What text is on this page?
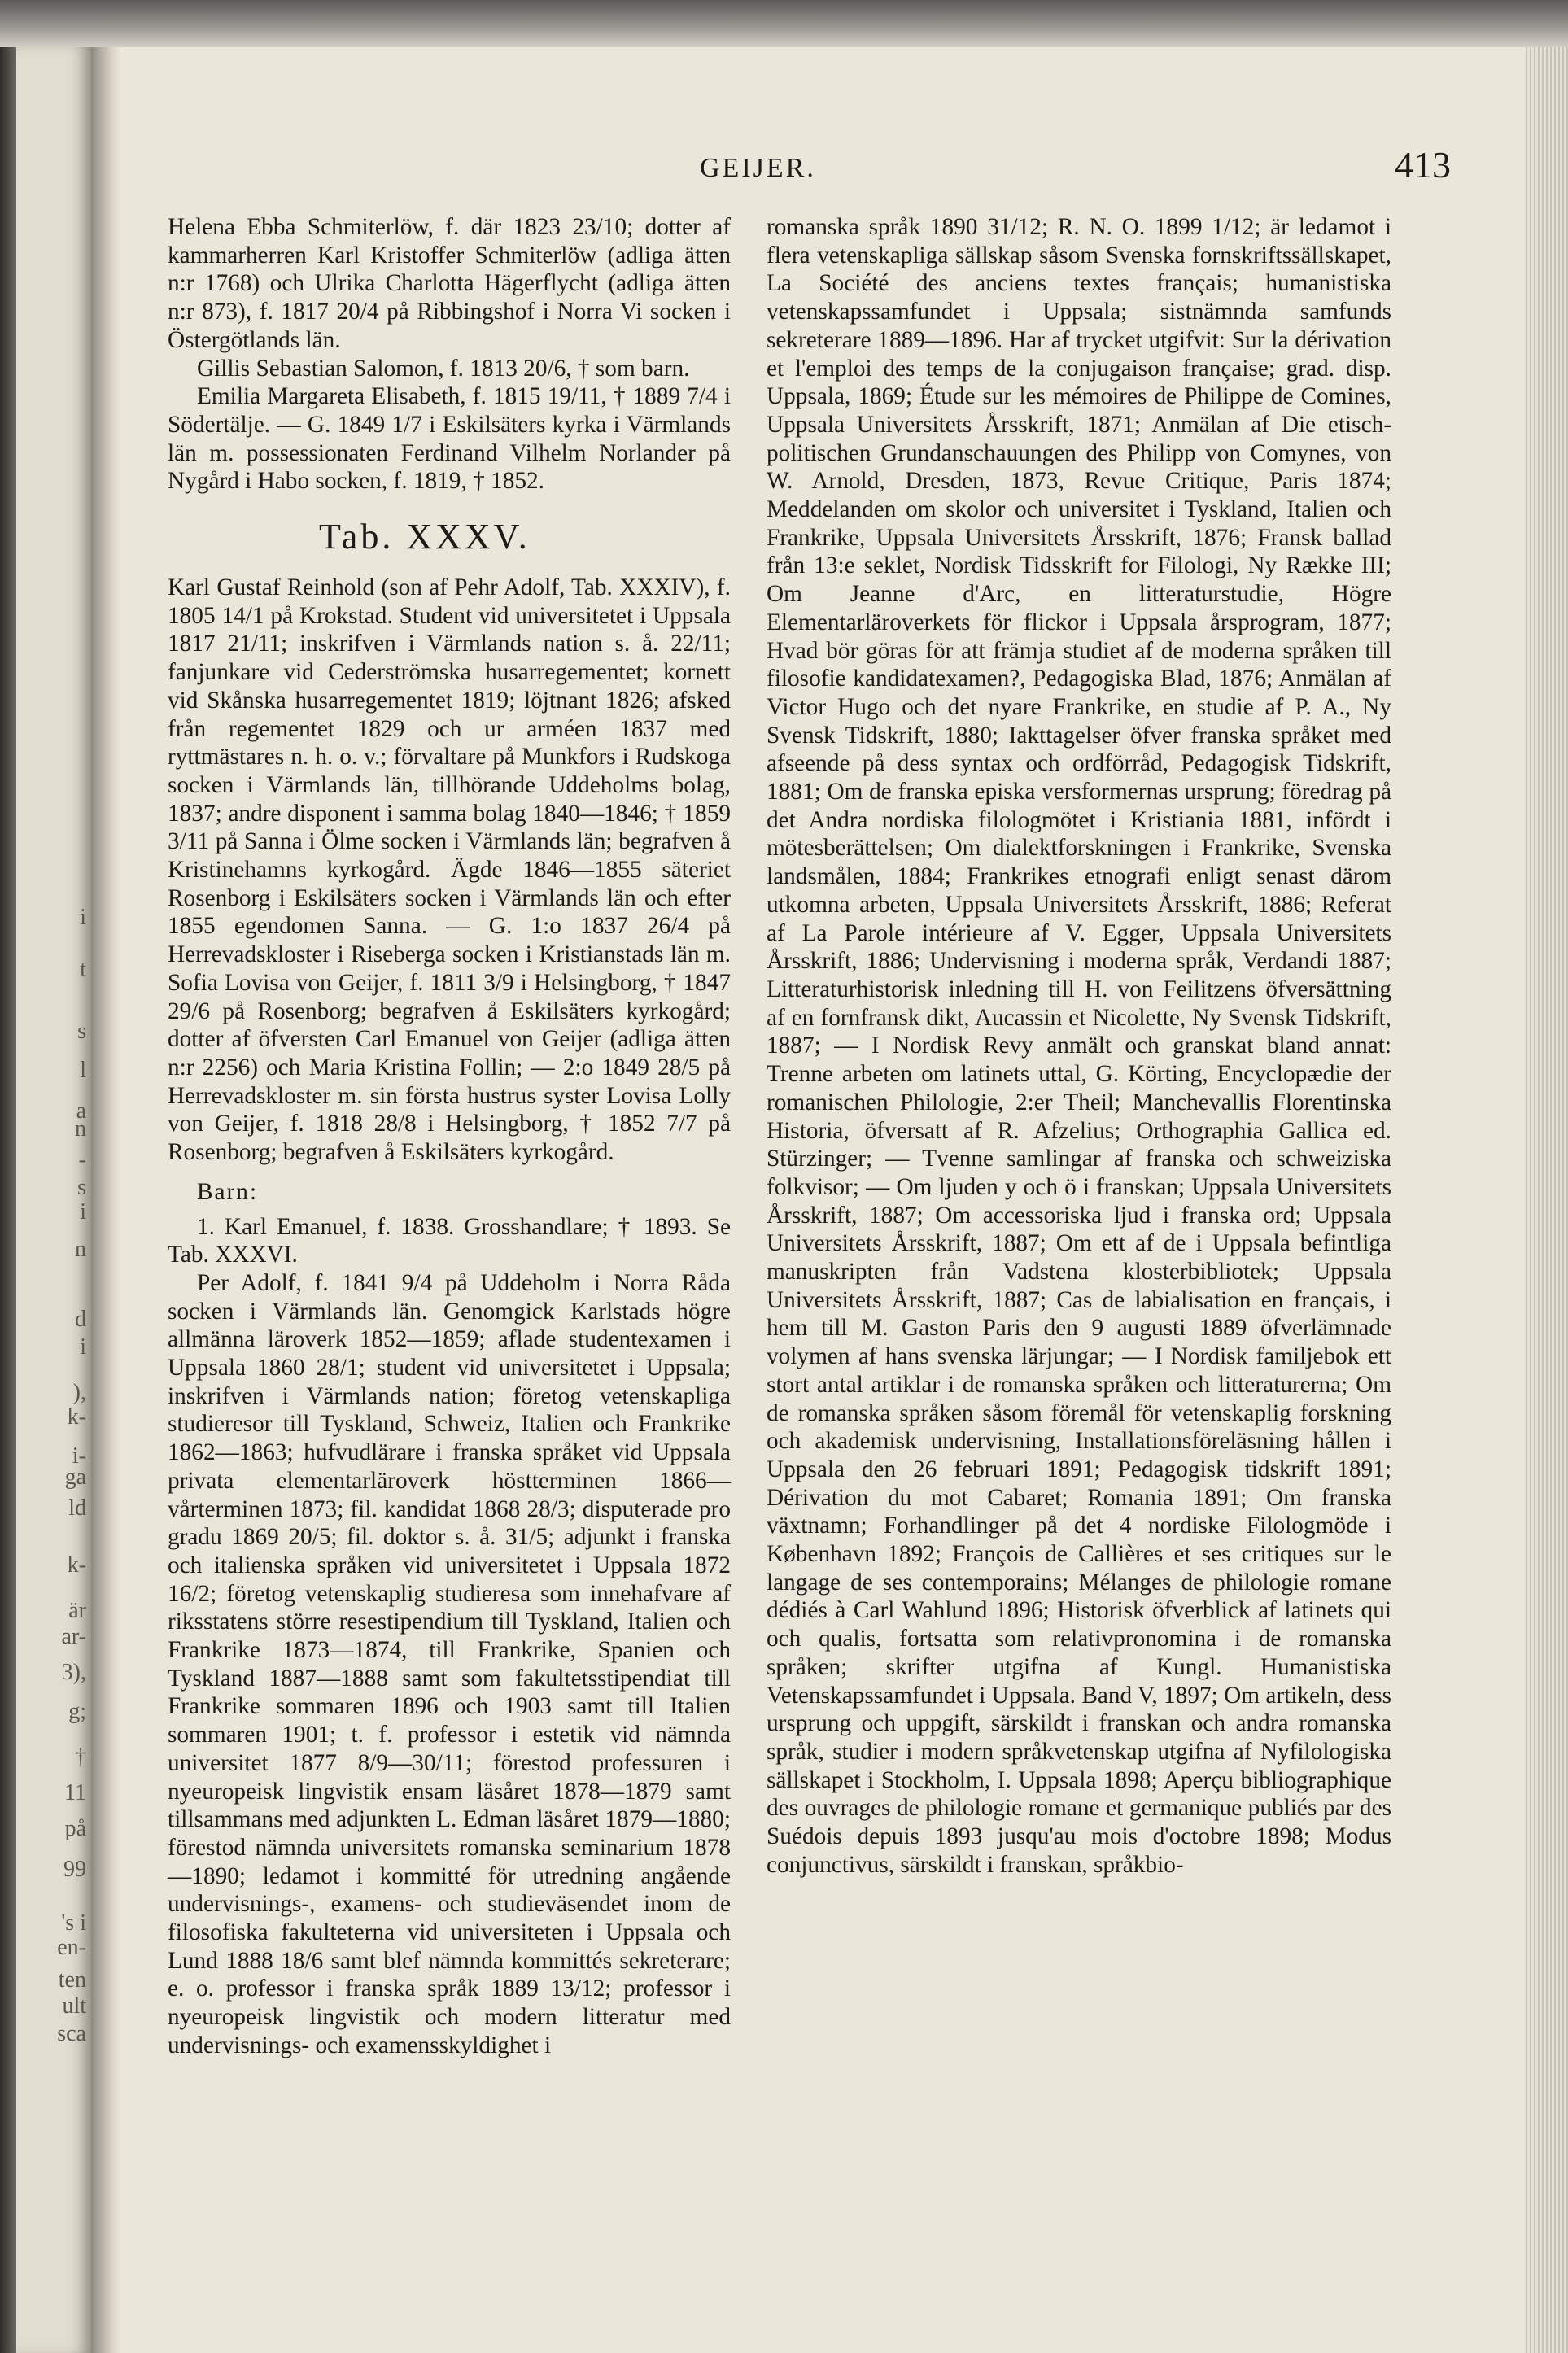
i
t
s
l
a
n
-
s
i
n
d
i
),
k-
i-
ga
ld
k-
är
ar-
3),
g;
†
11
på
99
's i
en-
ten
ult
sca
GEIJER.	413

Helena Ebba Schmiterlöw, f. där 1823 23/10; dotter af kammarherren Karl Kristoffer Schmiterlöw (adliga ätten n:r 1768) och Ulrika Charlotta Hägerflycht (adliga ätten n:r 873), f. 1817 20/4 på Ribbingshof i Norra Vi socken i Östergötlands län.

Gillis Sebastian Salomon, f. 1813 20/6, † som barn.

Emilia Margareta Elisabeth, f. 1815 19/11, † 1889 7/4 i Södertälje. — G. 1849 1/7 i Eskilsäters kyrka i Värmlands län m. possessionaten Ferdinand Vilhelm Norlander på Nygård i Habo socken, f. 1819, † 1852.

Tab. XXXV.

Karl Gustaf Reinhold (son af Pehr Adolf, Tab. XXXIV), f. 1805 14/1 på Krokstad. Student vid universitetet i Uppsala 1817 21/11; inskrifven i Värmlands nation s. å. 22/11; fanjunkare vid Cederströmska husarregementet; kornett vid Skånska husarregementet 1819; löjtnant 1826; afsked från regementet 1829 och ur arméen 1837 med ryttmästares n. h. o. v.; förvaltare på Munkfors i Rudskoga socken i Värmlands län, tillhörande Uddeholms bolag, 1837; andre disponent i samma bolag 1840—1846; † 1859 3/11 på Sanna i Ölme socken i Värmlands län; begrafven å Kristinehamns kyrkogård. Ägde 1846—1855 säteriet Rosenborg i Eskilsäters socken i Värmlands län och efter 1855 egendomen Sanna. — G. 1:o 1837 26/4 på Herrevadskloster i Riseberga socken i Kristianstads län m. Sofia Lovisa von Geijer, f. 1811 3/9 i Helsingborg, † 1847 29/6 på Rosenborg; begrafven å Eskilsäters kyrkogård; dotter af öfversten Carl Emanuel von Geijer (adliga ätten n:r 2256) och Maria Kristina Follin; — 2:o 1849 28/5 på Herrevadskloster m. sin första hustrus syster Lovisa Lolly von Geijer, f. 1818 28/8 i Helsingborg, † 1852 7/7 på Rosenborg; begrafven å Eskilsäters kyrkogård.

Barn:

1. Karl Emanuel, f. 1838. Grosshandlare; † 1893. Se Tab. XXXVI.

Per Adolf, f. 1841 9/4 på Uddeholm i Norra Råda socken i Värmlands län. Genomgick Karlstads högre allmänna läroverk 1852—1859; aflade studentexamen i Uppsala 1860 28/1; student vid universitetet i Uppsala; inskrifven i Värmlands nation; företog vetenskapliga studieresor till Tyskland, Schweiz, Italien och Frankrike 1862—1863; hufvudlärare i franska språket vid Uppsala privata elementarläroverk höstterminen 1866—vårterminen 1873; fil. kandidat 1868 28/3; disputerade pro gradu 1869 20/5; fil. doktor s. å. 31/5; adjunkt i franska och italienska språken vid universitetet i Uppsala 1872 16/2; företog vetenskaplig studieresa som innehafvare af riksstatens större resestipendium till Tyskland, Italien och Frankrike 1873—1874, till Frankrike, Spanien och Tyskland 1887—1888 samt som fakultetsstipendiat till Frankrike sommaren 1896 och 1903 samt till Italien sommaren 1901; t. f. professor i estetik vid nämnda universitet 1877 8/9—30/11; förestod professuren i nyeuropeisk lingvistik ensam läsåret 1878—1879 samt tillsammans med adjunkten L. Edman läsåret 1879—1880; förestod nämnda universitets romanska seminarium 1878—1890; ledamot i kommitté för utredning angående undervisnings-, examens- och studieväsendet inom de filosofiska fakulteterna vid universiteten i Uppsala och Lund 1888 18/6 samt blef nämnda kommittés sekreterare; e. o. professor i franska språk 1889 13/12; professor i nyeuropeisk lingvistik och modern litteratur med undervisnings- och examensskyldighet i

romanska språk 1890 31/12; R. N. O. 1899 1/12; är ledamot i flera vetenskapliga sällskap såsom Svenska fornskriftssällskapet, La Société des anciens textes français; humanistiska vetenskapssamfundet i Uppsala; sistnämnda samfunds sekreterare 1889—1896. Har af trycket utgifvit: Sur la dérivation et l'emploi des temps de la conjugaison française; grad. disp. Uppsala, 1869; Étude sur les mémoires de Philippe de Comines, Uppsala Universitets Årsskrift, 1871; Anmälan af Die etisch-politischen Grundanschauungen des Philipp von Comynes, von W. Arnold, Dresden, 1873, Revue Critique, Paris 1874; Meddelanden om skolor och universitet i Tyskland, Italien och Frankrike, Uppsala Universitets Årsskrift, 1876; Fransk ballad från 13:e seklet, Nordisk Tidsskrift for Filologi, Ny Række III; Om Jeanne d'Arc, en litteraturstudie, Högre Elementarläroverkets för flickor i Uppsala årsprogram, 1877; Hvad bör göras för att främja studiet af de moderna språken till filosofie kandidatexamen?, Pedagogiska Blad, 1876; Anmälan af Victor Hugo och det nyare Frankrike, en studie af P. A., Ny Svensk Tidskrift, 1880; Iakttagelser öfver franska språket med afseende på dess syntax och ordförråd, Pedagogisk Tidskrift, 1881; Om de franska episka versformernas ursprung; föredrag på det Andra nordiska filologmötet i Kristiania 1881, infördt i mötesberättelsen; Om dialektforskningen i Frankrike, Svenska landsmålen, 1884; Frankrikes etnografi enligt senast därom utkomna arbeten, Uppsala Universitets Årsskrift, 1886; Referat af La Parole intérieure af V. Egger, Uppsala Universitets Årsskrift, 1886; Undervisning i moderna språk, Verdandi 1887; Litteraturhistorisk inledning till H. von Feilitzens öfversättning af en fornfransk dikt, Aucassin et Nicolette, Ny Svensk Tidskrift, 1887; — I Nordisk Revy anmält och granskat bland annat: Trenne arbeten om latinets uttal, G. Körting, Encyclopædie der romanischen Philologie, 2:er Theil; Manchevallis Florentinska Historia, öfversatt af R. Afzelius; Orthographia Gallica ed. Stürzinger; — Tvenne samlingar af franska och schweiziska folkvisor; — Om ljuden y och ö i franskan; Uppsala Universitets Årsskrift, 1887; Om accessoriska ljud i franska ord; Uppsala Universitets Årsskrift, 1887; Om ett af de i Uppsala befintliga manuskripten från Vadstena klosterbibliotek; Uppsala Universitets Årsskrift, 1887; Cas de labialisation en français, i hem till M. Gaston Paris den 9 augusti 1889 öfverlämnade volymen af hans svenska lärjungar; — I Nordisk familjebok ett stort antal artiklar i de romanska språken och litteraturerna; Om de romanska språken såsom föremål för vetenskaplig forskning och akademisk undervisning, Installationsföreläsning hållen i Uppsala den 26 februari 1891; Pedagogisk tidskrift 1891; Dérivation du mot Cabaret; Romania 1891; Om franska växtnamn; Forhandlinger på det 4 nordiske Filologmöde i København 1892; François de Callières et ses critiques sur le langage de ses contemporains; Mélanges de philologie romane dédiés à Carl Wahlund 1896; Historisk öfverblick af latinets qui och qualis, fortsatta som relativpronomina i de romanska språken; skrifter utgifna af Kungl. Humanistiska Vetenskapssamfundet i Uppsala. Band V, 1897; Om artikeln, dess ursprung och uppgift, särskildt i franskan och andra romanska språk, studier i modern språkvetenskap utgifna af Nyfilologiska sällskapet i Stockholm, I. Uppsala 1898; Aperçu bibliographique des ouvrages de philologie romane et germanique publiés par des Suédois depuis 1893 jusqu'au mois d'octobre 1898; Modus conjunctivus, särskildt i franskan, språkbio-
